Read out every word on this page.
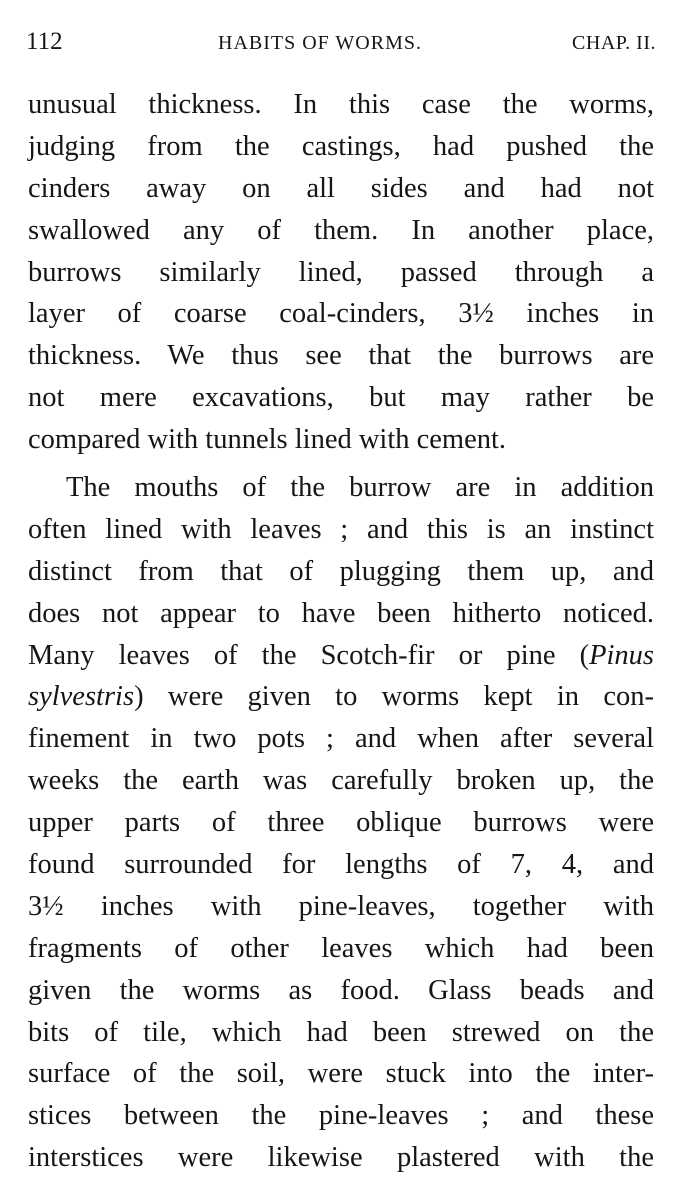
112	HABITS OF WORMS.	CHAP. II.
unusual thickness. In this case the worms,
judging from the castings, had pushed the
cinders away on all sides and had not
swallowed any of them. In another place,
burrows similarly lined, passed through a
layer of coarse coal-cinders, 3½ inches in
thickness. We thus see that the burrows are
not mere excavations, but may rather be
compared with tunnels lined with cement.
The mouths of the burrow are in addition
often lined with leaves ; and this is an instinct
distinct from that of plugging them up, and
does not appear to have been hitherto noticed.
Many leaves of the Scotch-fir or pine (Pinus
sylvestris) were given to worms kept in con-
finement in two pots ; and when after several
weeks the earth was carefully broken up, the
upper parts of three oblique burrows were
found surrounded for lengths of 7, 4, and
3½ inches with pine-leaves, together with
fragments of other leaves which had been
given the worms as food. Glass beads and
bits of tile, which had been strewed on the
surface of the soil, were stuck into the inter-
stices between the pine-leaves ; and these
interstices were likewise plastered with the
